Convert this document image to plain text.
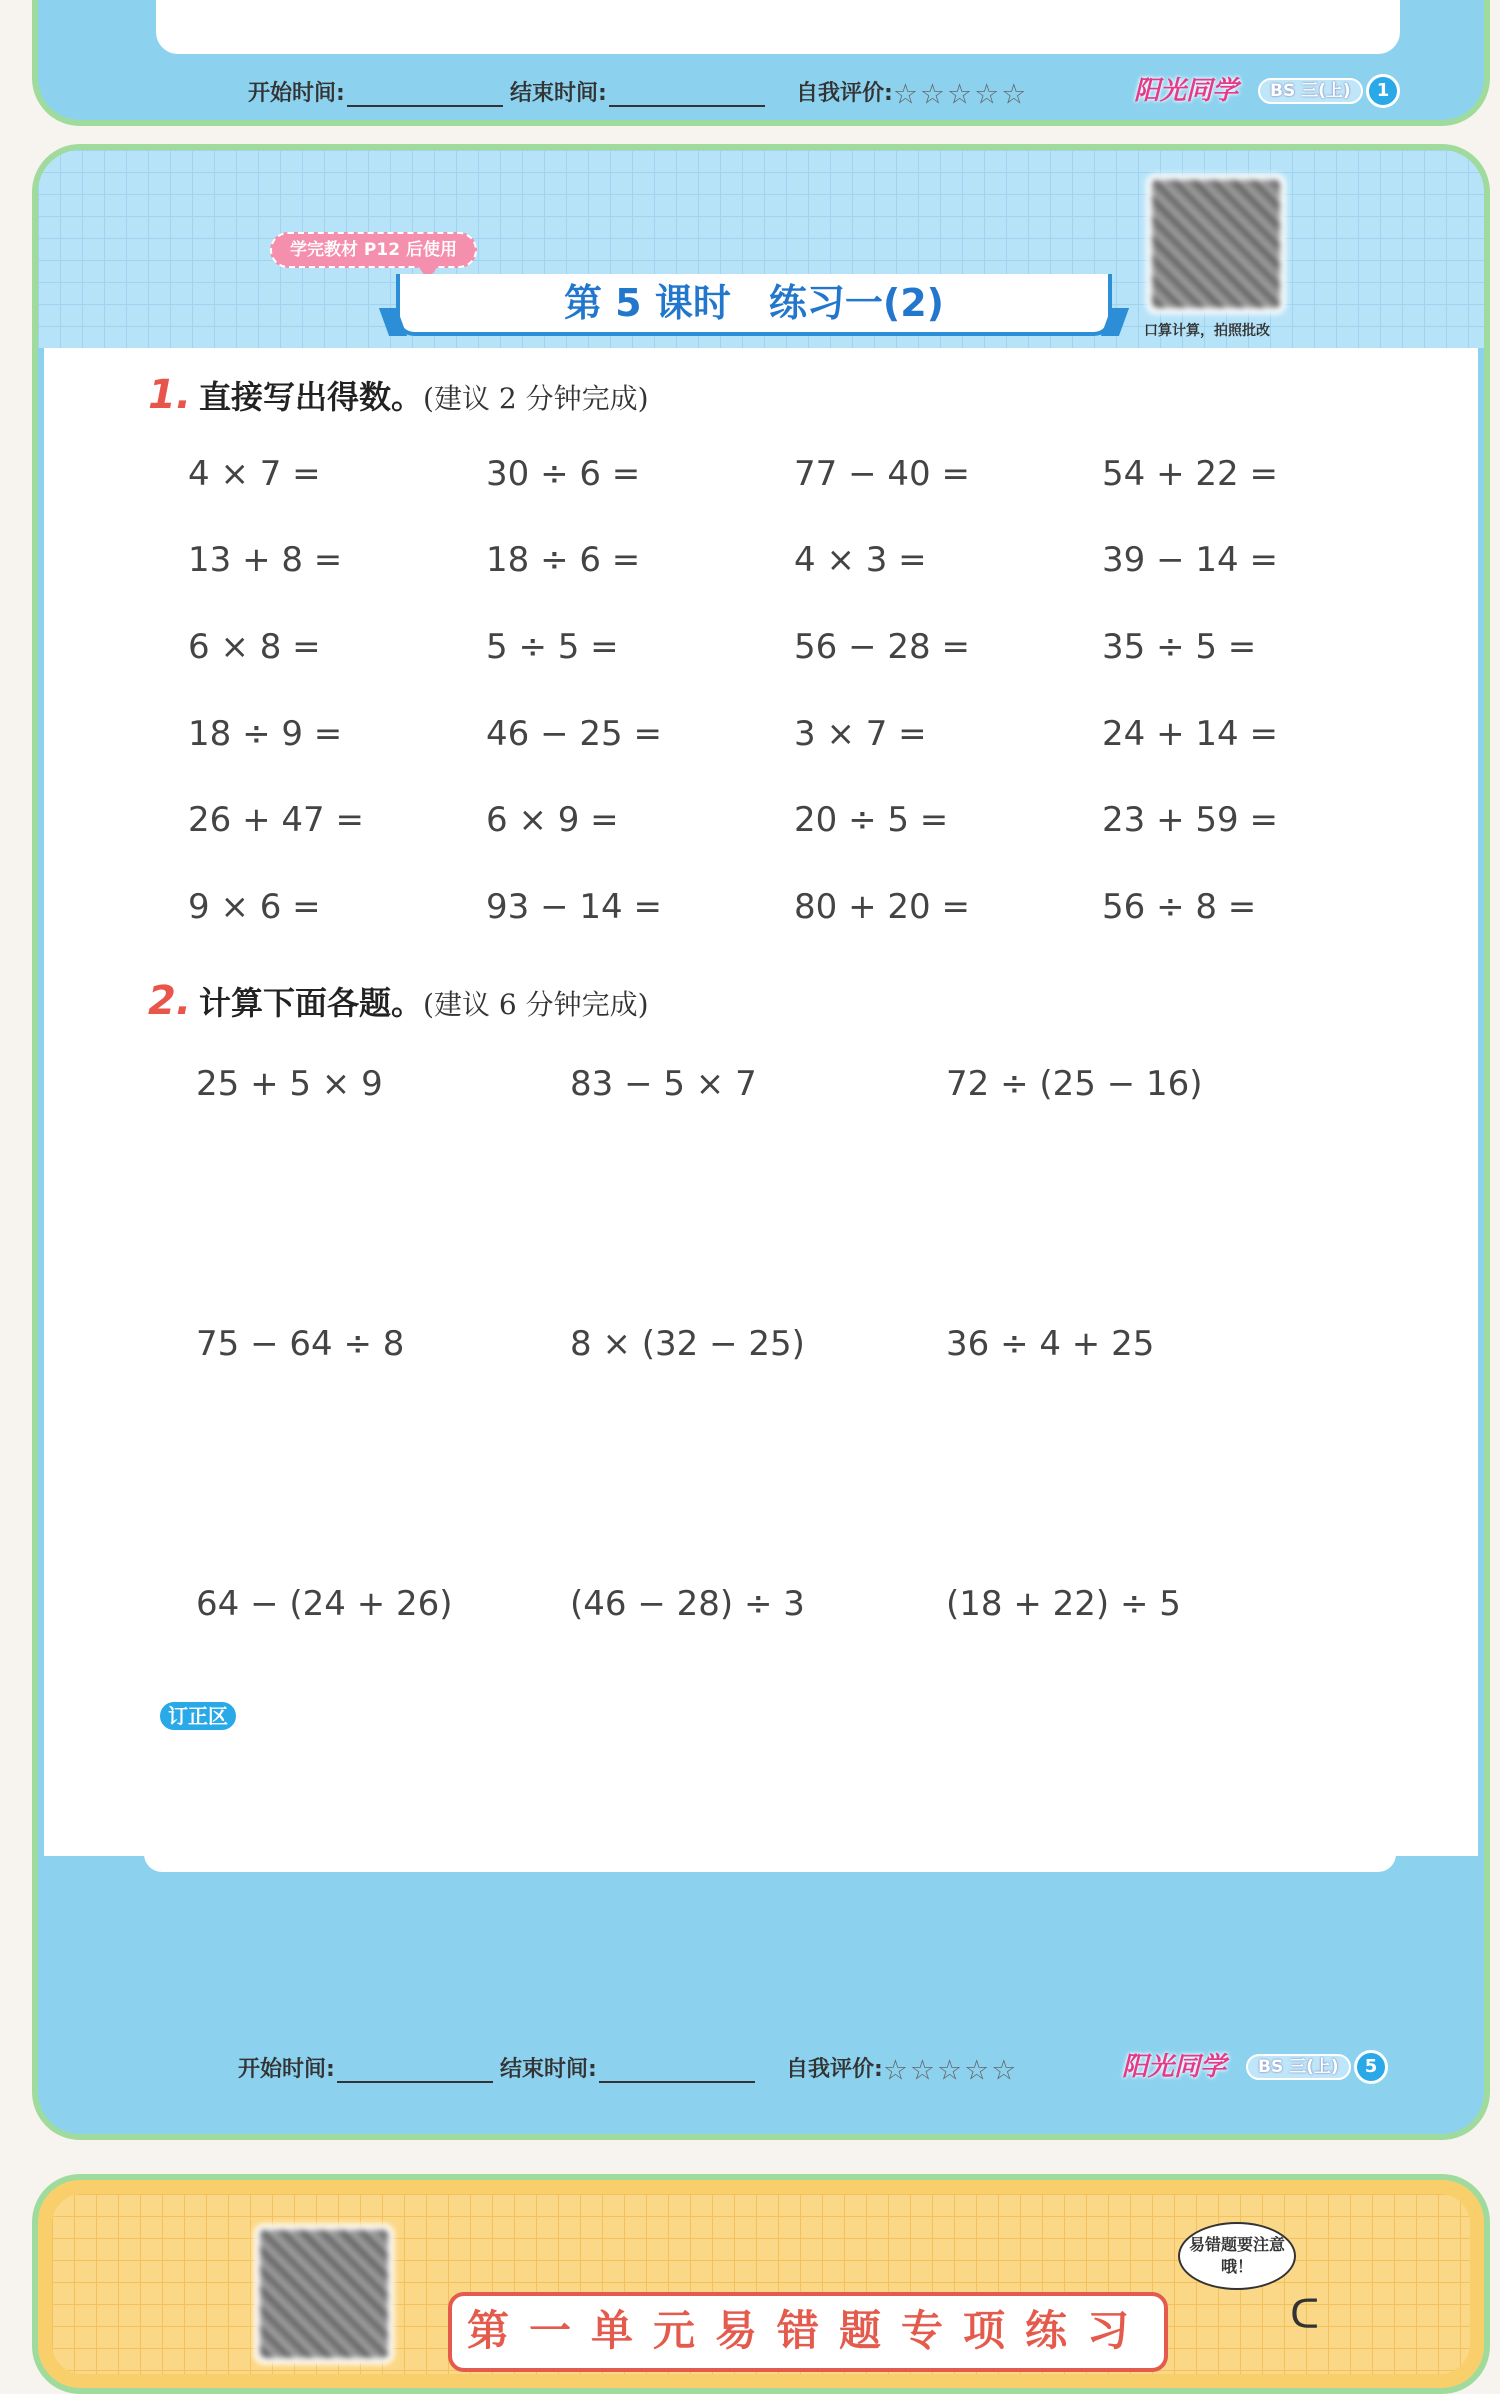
开始时间:	结束时间:	自我评价:☆☆☆☆☆	阳光同学	BS 三(上)	1
学完教材 P12 后使用
第 5 课时　练习一(2)
口算计算，拍照批改
1. 直接写出得数。(建议 2 分钟完成)
4 × 7 =	30 ÷ 6 =	77 − 40 =	54 + 22 =
13 + 8 =	18 ÷ 6 =	4 × 3 =	39 − 14 =
6 × 8 =	5 ÷ 5 =	56 − 28 =	35 ÷ 5 =
18 ÷ 9 =	46 − 25 =	3 × 7 =	24 + 14 =
26 + 47 =	6 × 9 =	20 ÷ 5 =	23 + 59 =
9 × 6 =	93 − 14 =	80 + 20 =	56 ÷ 8 =
2. 计算下面各题。(建议 6 分钟完成)
25 + 5 × 9	83 − 5 × 7	72 ÷ (25 − 16)
75 − 64 ÷ 8	8 × (32 − 25)	36 ÷ 4 + 25
64 − (24 + 26)	(46 − 28) ÷ 3	(18 + 22) ÷ 5
订正区
开始时间:	结束时间:	自我评价:☆☆☆☆☆	阳光同学	BS 三(上)	5
第一单元易错题专项练习
易错题要注意哦！
ᑕ
